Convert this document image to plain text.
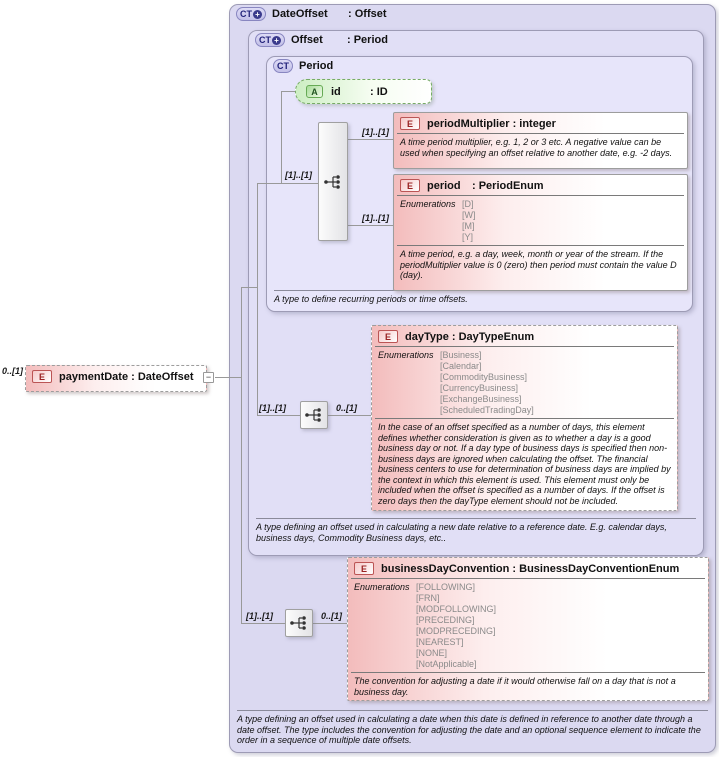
CT + DateOffset : Offset
CT + Offset : Period
CT Period
A type to define recurring periods or time offsets.
A type defining an offset used in calculating a new date relative to a reference date. E.g. calendar days, business days, Commodity Business days, etc..
A type defining an offset used in calculating a date when this date is defined in reference to another date through a date offset. The type includes the convention for adjusting the date and an optional sequence element to indicate the order in a sequence of multiple date offsets.
0..[1]
[1]..[1]
[1]..[1]
[1]..[1]
[1]..[1]	0..[1]
[1]..[1]	0..[1]
E	paymentDate : DateOffset	−
A	id	: ID
E	periodMultiplier : integer
A time period multiplier, e.g. 1, 2 or 3 etc. A negative value can be used when specifying an offset relative to another date, e.g. -2 days.
E	period : PeriodEnum
Enumerations [D]
[W]
[M]
[Y]
A time period, e.g. a day, week, month or year of the stream. If the periodMultiplier value is 0 (zero) then period must contain the value D (day).
E	dayType : DayTypeEnum
Enumerations [Business]
[Calendar]
[CommodityBusiness]
[CurrencyBusiness]
[ExchangeBusiness]
[ScheduledTradingDay]
In the case of an offset specified as a number of days, this element defines whether consideration is given as to whether a day is a good business day or not. If a day type of business days is specified then non-business days are ignored when calculating the offset. The financial business centers to use for determination of business days are implied by the context in which this element is used. This element must only be included when the offset is specified as a number of days. If the offset is zero days then the dayType element should not be included.
E	businessDayConvention : BusinessDayConventionEnum
Enumerations [FOLLOWING]
[FRN]
[MODFOLLOWING]
[PRECEDING]
[MODPRECEDING]
[NEAREST]
[NONE]
[NotApplicable]
The convention for adjusting a date if it would otherwise fall on a day that is not a business day.
